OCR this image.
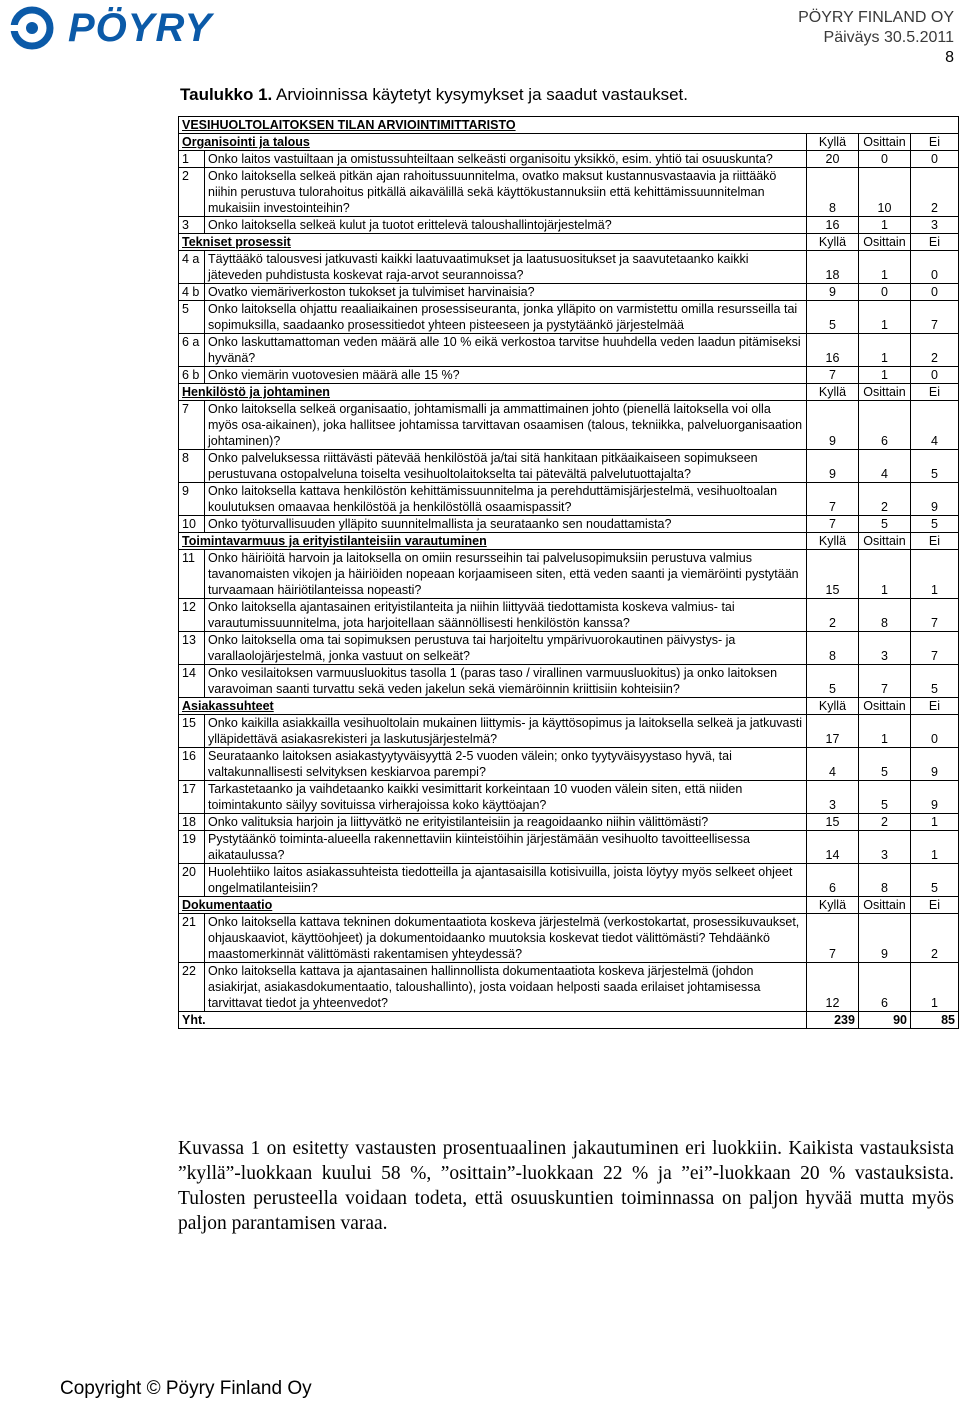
PÖYRY	PÖYRY FINLAND OY
Päiväys 30.5.2011
8
Taulukko 1. Arvioinnissa käytetyt kysymykset ja saadut vastaukset.
VESIHUOLTOLAITOKSEN TILAN ARVIOINTIMITTARISTO				
Organisointi ja talous		Kyllä	Osittain	Ei
1	Onko laitos vastuiltaan ja omistussuhteiltaan selkeästi organisoitu yksikkö, esim. yhtiö tai osuuskunta?	20	0	0
2	Onko laitoksella selkeä pitkän ajan rahoitussuunnitelma, ovatko maksut kustannusvastaavia ja riittääkö niihin perustuva tulorahoitus pitkällä aikavälillä sekä käyttökustannuksiin että kehittämissuunnitelman mukaisiin investointeihin?	8	10	2
3	Onko laitoksella selkeä kulut ja tuotot erittelevä taloushallintojärjestelmä?	16	1	3
Tekniset prosessit		Kyllä	Osittain	Ei
4 a	Täyttääkö talousvesi jatkuvasti kaikki laatuvaatimukset ja laatusuositukset ja saavutetaanko kaikki jäteveden puhdistusta koskevat raja-arvot seurannoissa?	18	1	0
4 b	Ovatko viemäriverkoston tukokset ja tulvimiset harvinaisia?	9	0	0
5	Onko laitoksella ohjattu reaaliaikainen prosessiseuranta, jonka ylläpito on varmistettu omilla resursseilla tai sopimuksilla, saadaanko prosessitiedot yhteen pisteeseen ja pystytäänkö järjestelmää	5	1	7
6 a	Onko laskuttamattoman veden määrä alle 10 % eikä verkostoa tarvitse huuhdella veden laadun pitämiseksi hyvänä?	16	1	2
6 b	Onko viemärin vuotovesien määrä alle 15 %?	7	1	0
Henkilöstö ja johtaminen		Kyllä	Osittain	Ei
7	Onko laitoksella selkeä organisaatio, johtamismalli ja ammattimainen johto (pienellä laitoksella voi olla myös osa-aikainen), joka hallitsee johtamissa tarvittavan osaamisen (talous, tekniikka, palveluorganisaation johtaminen)?	9	6	4
8	Onko palveluksessa riittävästi pätevää henkilöstöä ja/tai sitä hankitaan pitkäaikaiseen sopimukseen perustuvana ostopalveluna toiselta vesihuoltolaitokselta tai pätevältä palvelutuottajalta?	9	4	5
9	Onko laitoksella kattava henkilöstön kehittämissuunnitelma ja perehduttämisjärjestelmä, vesihuoltoalan koulutuksen omaavaa henkilöstöä ja henkilöstöllä osaamispassit?	7	2	9
10	Onko työturvallisuuden ylläpito suunnitelmallista ja seurataanko sen noudattamista?	7	5	5
Toimintavarmuus ja erityistilanteisiin varautuminen		Kyllä	Osittain	Ei
11	Onko häiriöitä harvoin ja laitoksella on omiin resursseihin tai palvelusopimuksiin perustuva valmius tavanomaisten vikojen ja häiriöiden nopeaan korjaamiseen siten, että veden saanti ja viemäröinti pystytään turvaamaan häiriötilanteissa nopeasti?	15	1	1
12	Onko laitoksella ajantasainen erityistilanteita ja niihin liittyvää tiedottamista koskeva valmius- tai varautumissuunnitelma, jota harjoitellaan säännöllisesti henkilöstön kanssa?	2	8	7
13	Onko laitoksella oma tai sopimuksen perustuva tai harjoiteltu ympärivuorokautinen päivystys- ja varallaolojärjestelmä, jonka vastuut on selkeät?	8	3	7
14	Onko vesilaitoksen varmuusluokitus tasolla 1 (paras taso / virallinen varmuusluokitus) ja onko laitoksen varavoiman saanti turvattu sekä veden jakelun sekä viemäröinnin kriittisiin kohteisiin?	5	7	5
Asiakassuhteet		Kyllä	Osittain	Ei
15	Onko kaikilla asiakkailla vesihuoltolain mukainen liittymis- ja käyttösopimus ja laitoksella selkeä ja jatkuvasti ylläpidettävä asiakasrekisteri ja laskutusjärjestelmä?	17	1	0
16	Seurataanko laitoksen asiakastyytyväisyyttä 2-5 vuoden välein; onko tyytyväisyystaso hyvä, tai valtakunnallisesti selvityksen keskiarvoa parempi?	4	5	9
17	Tarkastetaanko ja vaihdetaanko kaikki vesimittarit korkeintaan 10 vuoden välein siten, että niiden toimintakunto säilyy sovituissa virherajoissa koko käyttöajan?	3	5	9
18	Onko valituksia harjoin ja liittyvätkö ne erityistilanteisiin ja reagoidaanko niihin välittömästi?	15	2	1
19	Pystytäänkö toiminta-alueella rakennettaviin kiinteistöihin järjestämään vesihuolto tavoitteellisessa aikataulussa?	14	3	1
20	Huolehtiiko laitos asiakassuhteista tiedotteilla ja ajantasaisilla kotisivuilla, joista löytyy myös selkeet ohjeet ongelmatilanteisiin?	6	8	5
Dokumentaatio		Kyllä	Osittain	Ei
21	Onko laitoksella kattava tekninen dokumentaatiota koskeva järjestelmä (verkostokartat, prosessikuvaukset, ohjauskaaviot, käyttöohjeet) ja dokumentoidaanko muutoksia koskevat tiedot välittömästi? Tehdäänkö maastomerkinnät välittömästi rakentamisen yhteydessä?	7	9	2
22	Onko laitoksella kattava ja ajantasainen hallinnollista dokumentaatiota koskeva järjestelmä (johdon asiakirjat, asiakasdokumentaatio, taloushallinto), josta voidaan helposti saada erilaiset johtamisessa tarvittavat tiedot ja yhteenvedot?	12	6	1
Yht.		239	90	85
Kuvassa 1 on esitetty vastausten prosentuaalinen jakautuminen eri luokkiin. Kaikista vastauksista ”kyllä”-luokkaan kuului 58 %, ”osittain”-luokkaan 22 % ja ”ei”-luokkaan 20 % vastauksista. Tulosten perusteella voidaan todeta, että osuuskuntien toiminnassa on paljon hyvää mutta myös paljon parantamisen varaa.
Copyright © Pöyry Finland Oy
